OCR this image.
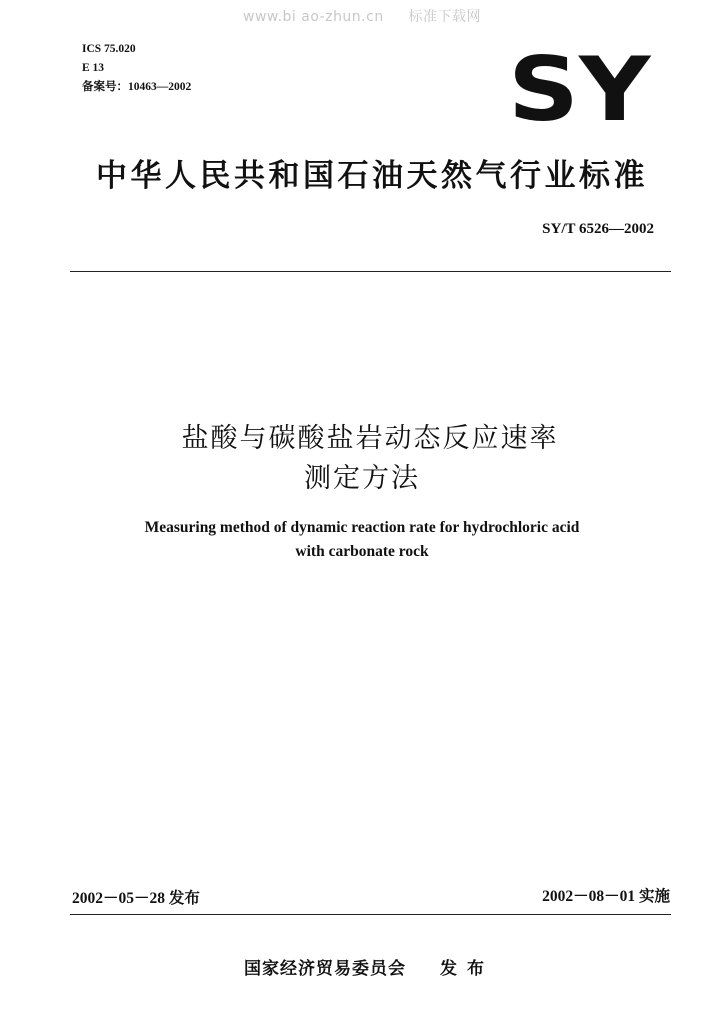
www.bi ao-zhun.cn 标准下载网
ICS 75.020
E 13
备案号：10463—2002	SY
中华人民共和国石油天然气行业标准
SY/T 6526—2002
盐酸与碳酸盐岩动态反应速率
测定方法
Measuring method of dynamic reaction rate for hydrochloric acid
with carbonate rock
2002－05－28 发布	2002－08－01 实施
国家经济贸易委员会 发布
